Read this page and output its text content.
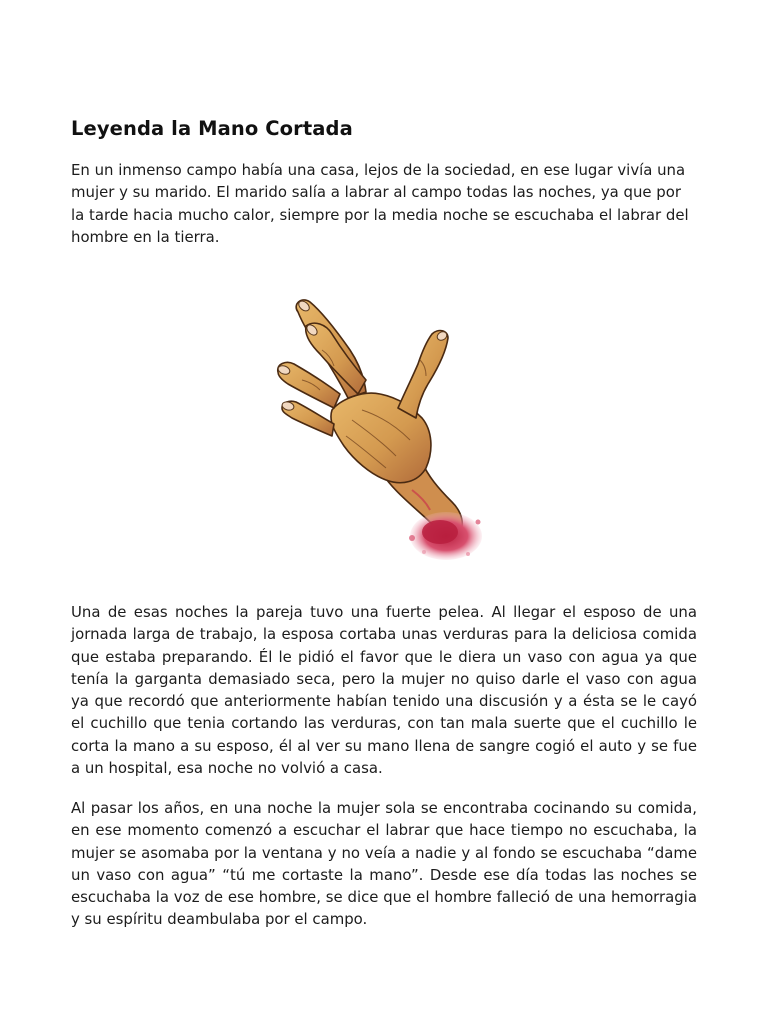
Leyenda la Mano Cortada

En un inmenso campo había una casa, lejos de la sociedad, en ese lugar vivía una mujer y su marido. El marido salía a labrar al campo todas las noches, ya que por la tarde hacia mucho calor, siempre por la media noche se escuchaba el labrar del hombre en la tierra.

Una de esas noches la pareja tuvo una fuerte pelea. Al llegar el esposo de una jornada larga de trabajo, la esposa cortaba unas verduras para la deliciosa comida que estaba preparando. Él le pidió el favor que le diera un vaso con agua ya que tenía la garganta demasiado seca, pero la mujer no quiso darle el vaso con agua ya que recordó que anteriormente habían tenido una discusión y a ésta se le cayó el cuchillo que tenia cortando las verduras, con tan mala suerte que el cuchillo le corta la mano a su esposo, él al ver su mano llena de sangre cogió el auto y se fue a un hospital, esa noche no volvió a casa.

Al pasar los años, en una noche la mujer sola se encontraba cocinando su comida, en ese momento comenzó a escuchar el labrar que hace tiempo no escuchaba, la mujer se asomaba por la ventana y no veía a nadie y al fondo se escuchaba “dame un vaso con agua” “tú me cortaste la mano”. Desde ese día todas las noches se escuchaba la voz de ese hombre, se dice que el hombre falleció de una hemorragia y su espíritu deambulaba por el campo.
